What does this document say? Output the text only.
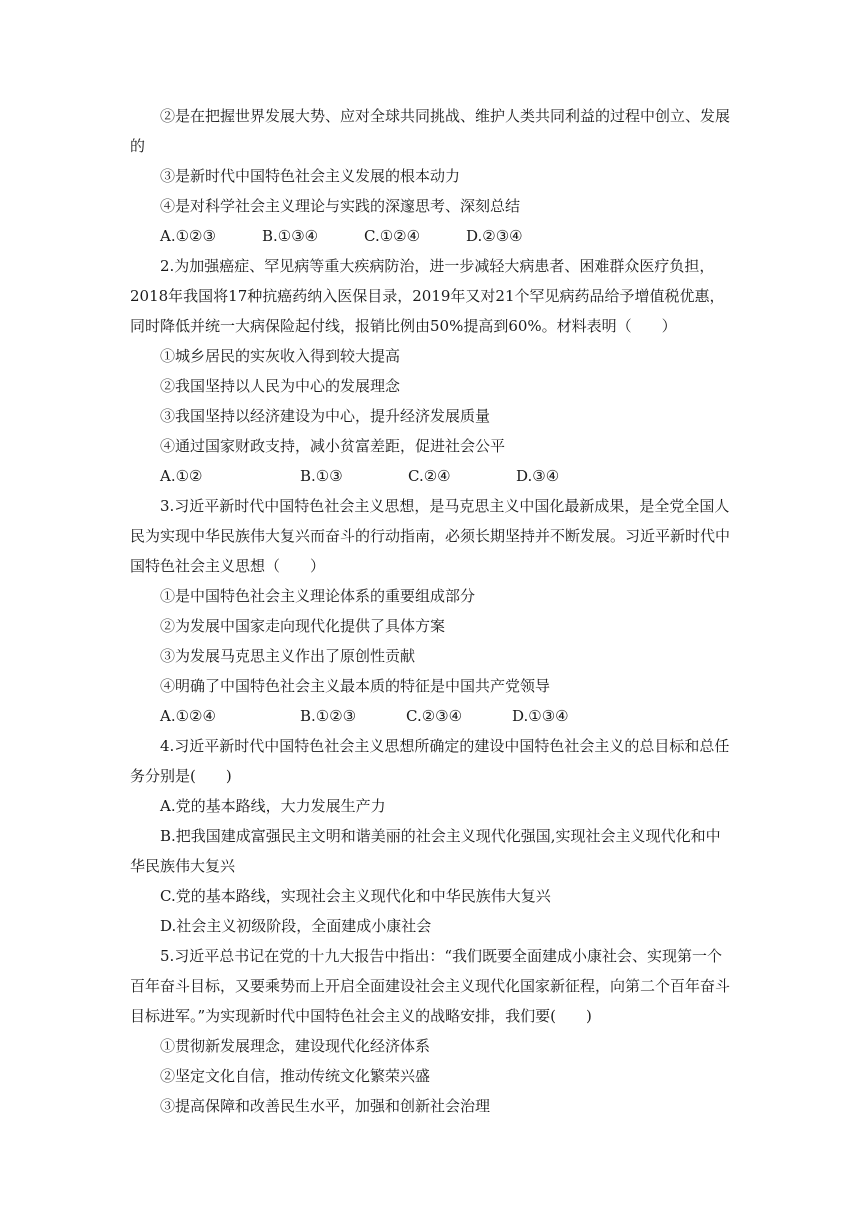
②是在把握世界发展大势、应对全球共同挑战、维护人类共同利益的过程中创立、发展
的
③是新时代中国特色社会主义发展的根本动力
④是对科学社会主义理论与实践的深邃思考、深刻总结
A.①②③	B.①③④	C.①②④	D.②③④
2.为加强癌症、罕见病等重大疾病防治，进一步减轻大病患者、困难群众医疗负担，2018年我国将17种抗癌药纳入医保目录，2019年又对21个罕见病药品给予增值税优惠，同时降低并统一大病保险起付线，报销比例由50%提高到60%。材料表明（　　）
①城乡居民的实灰收入得到较大提高
②我国坚持以人民为中心的发展理念
③我国坚持以经济建设为中心，提升经济发展质量
④通过国家财政支持，减小贫富差距，促进社会公平
A.①②	B.①③	C.②④	D.③④
3.习近平新时代中国特色社会主义思想，是马克思主义中国化最新成果，是全党全国人民为实现中华民族伟大复兴而奋斗的行动指南，必须长期坚持并不断发展。习近平新时代中国特色社会主义思想（　　）
①是中国特色社会主义理论体系的重要组成部分
②为发展中国家走向现代化提供了具体方案
③为发展马克思主义作出了原创性贡献
④明确了中国特色社会主义最本质的特征是中国共产党领导
A.①②④	B.①②③	C.②③④	D.①③④
4.习近平新时代中国特色社会主义思想所确定的建设中国特色社会主义的总目标和总任务分别是(　　)
A.党的基本路线，大力发展生产力
B.把我国建成富强民主文明和谐美丽的社会主义现代化强国,实现社会主义现代化和中华民族伟大复兴
C.党的基本路线，实现社会主义现代化和中华民族伟大复兴
D.社会主义初级阶段，全面建成小康社会
5.习近平总书记在党的十九大报告中指出：“我们既要全面建成小康社会、实现第一个百年奋斗目标，又要乘势而上开启全面建设社会主义现代化国家新征程，向第二个百年奋斗目标进军。”为实现新时代中国特色社会主义的战略安排，我们要(　　)
①贯彻新发展理念，建设现代化经济体系
②坚定文化自信，推动传统文化繁荣兴盛
③提高保障和改善民生水平，加强和创新社会治理
